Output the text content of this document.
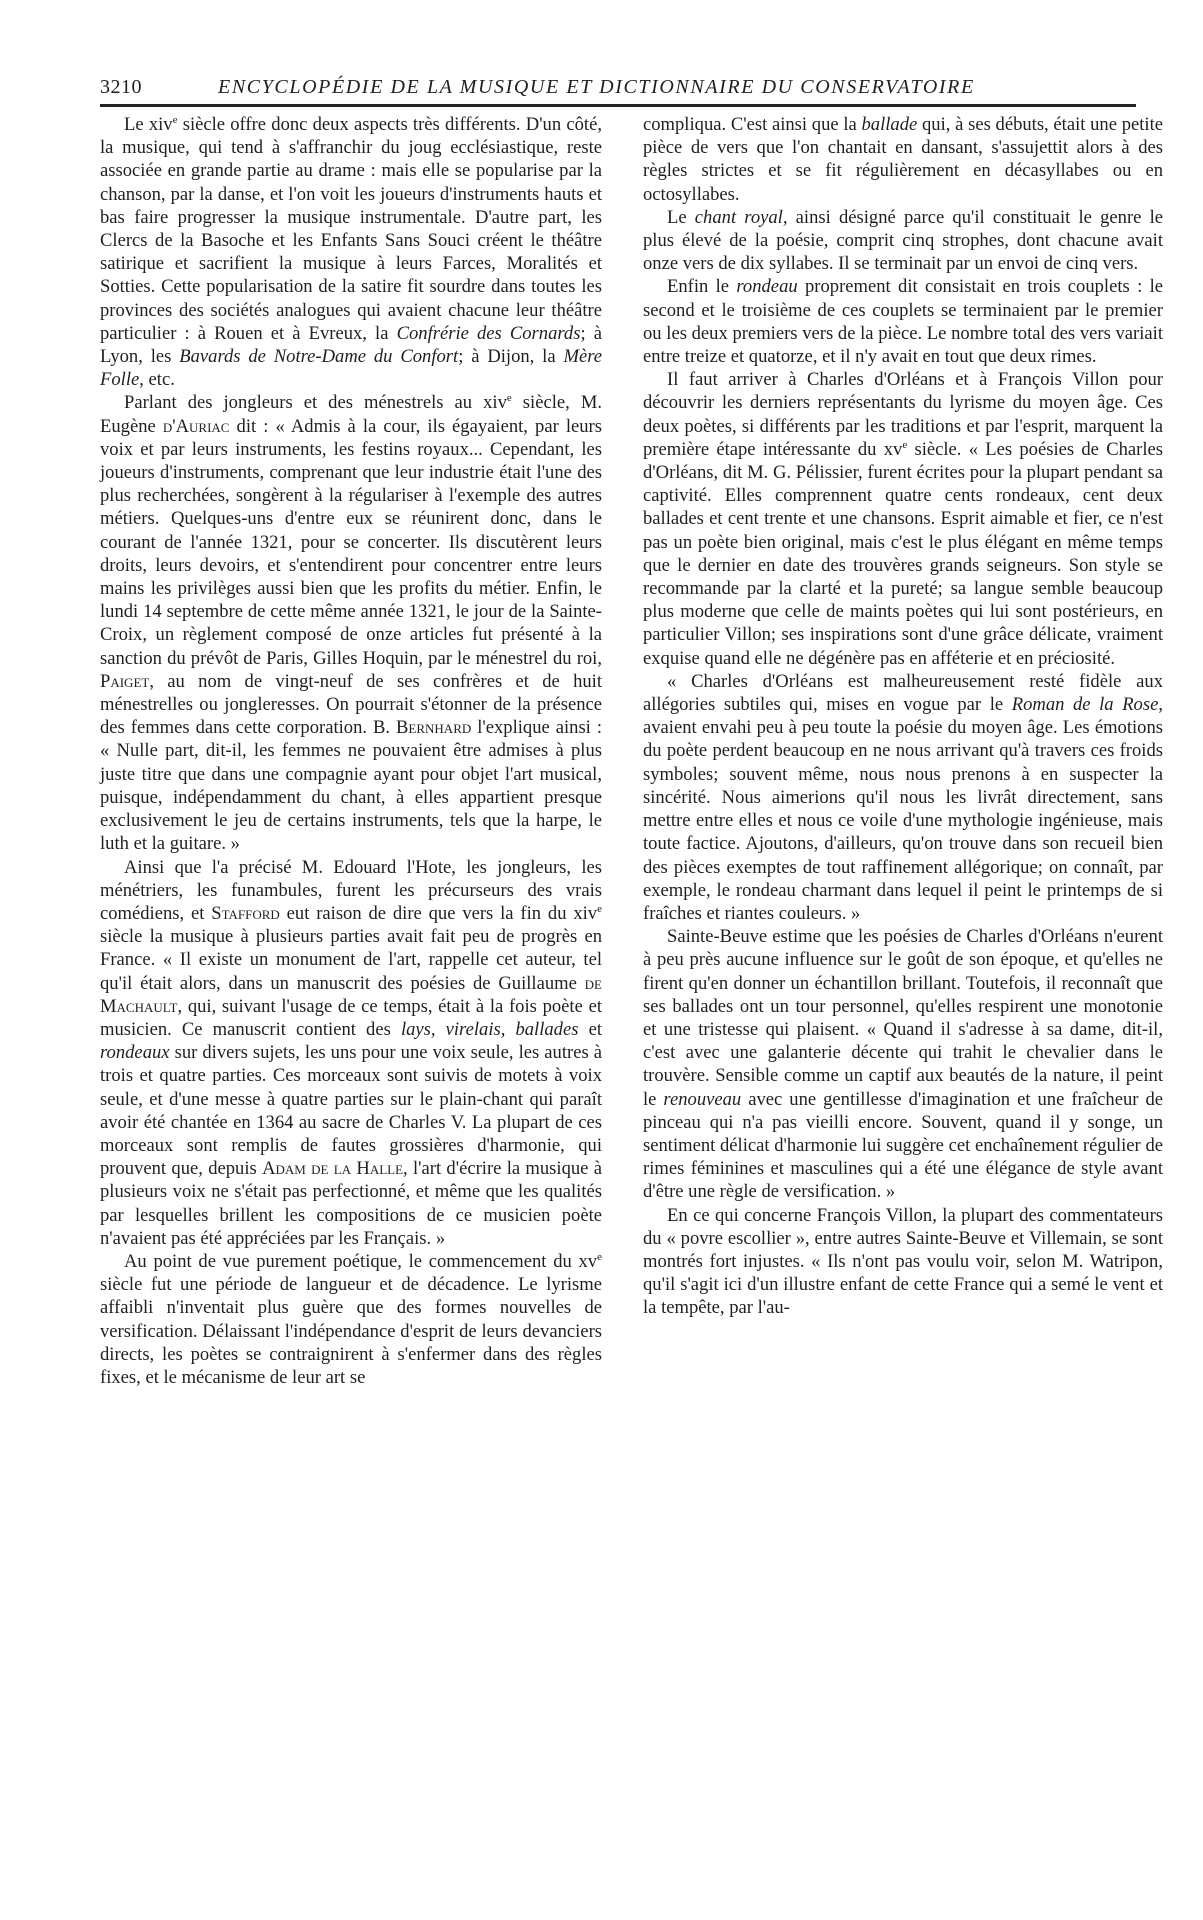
3210	ENCYCLOPÉDIE DE LA MUSIQUE ET DICTIONNAIRE DU CONSERVATOIRE

Le xiv$^e$ siècle offre donc deux aspects très différents. D'un côté, la musique, qui tend à s'affranchir du joug ecclésiastique, reste associée en grande partie au drame : mais elle se popularise par la chanson, par la danse, et l'on voit les joueurs d'instruments hauts et bas faire progresser la musique instrumentale. D'autre part, les Clercs de la Basoche et les Enfants Sans Souci créent le théâtre satirique et sacrifient la musique à leurs Farces, Moralités et Sotties. Cette popularisation de la satire fit sourdre dans toutes les provinces des sociétés analogues qui avaient chacune leur théâtre particulier : à Rouen et à Evreux, la Confrérie des Cornards; à Lyon, les Bavards de Notre-Dame du Confort; à Dijon, la Mère Folle, etc.

Parlant des jongleurs et des ménestrels au xiv$^e$ siècle, M. Eugène d'Auriac dit : « Admis à la cour, ils égayaient, par leurs voix et par leurs instruments, les festins royaux... Cependant, les joueurs d'instruments, comprenant que leur industrie était l'une des plus recherchées, songèrent à la régulariser à l'exemple des autres métiers. Quelques-uns d'entre eux se réunirent donc, dans le courant de l'année 1321, pour se concerter. Ils discutèrent leurs droits, leurs devoirs, et s'entendirent pour concentrer entre leurs mains les privilèges aussi bien que les profits du métier. Enfin, le lundi 14 septembre de cette même année 1321, le jour de la Sainte-Croix, un règlement composé de onze articles fut présenté à la sanction du prévôt de Paris, Gilles Hoquin, par le ménestrel du roi, Paiget, au nom de vingt-neuf de ses confrères et de huit ménestrelles ou jongleresses. On pourrait s'étonner de la présence des femmes dans cette corporation. B. Bernhard l'explique ainsi : « Nulle part, dit-il, les femmes ne pouvaient être admises à plus juste titre que dans une compagnie ayant pour objet l'art musical, puisque, indépendamment du chant, à elles appartient presque exclusivement le jeu de certains instruments, tels que la harpe, le luth et la guitare. »

Ainsi que l'a précisé M. Edouard l'Hote, les jongleurs, les ménétriers, les funambules, furent les précurseurs des vrais comédiens, et Stafford eut raison de dire que vers la fin du xiv$^e$ siècle la musique à plusieurs parties avait fait peu de progrès en France. « Il existe un monument de l'art, rappelle cet auteur, tel qu'il était alors, dans un manuscrit des poésies de Guillaume de Machault, qui, suivant l'usage de ce temps, était à la fois poète et musicien. Ce manuscrit contient des lays, virelais, ballades et rondeaux sur divers sujets, les uns pour une voix seule, les autres à trois et quatre parties. Ces morceaux sont suivis de motets à voix seule, et d'une messe à quatre parties sur le plain-chant qui paraît avoir été chantée en 1364 au sacre de Charles V. La plupart de ces morceaux sont remplis de fautes grossières d'harmonie, qui prouvent que, depuis Adam de la Halle, l'art d'écrire la musique à plusieurs voix ne s'était pas perfectionné, et même que les qualités par lesquelles brillent les compositions de ce musicien poète n'avaient pas été appréciées par les Français. »

Au point de vue purement poétique, le commencement du $xv^e$ siècle fut une période de langueur et de décadence. Le lyrisme affaibli n'inventait plus guère que des formes nouvelles de versification. Délaissant l'indépendance d'esprit de leurs devanciers directs, les poètes se contraignirent à s'enfermer dans des règles fixes, et le mécanisme de leur art se

compliqua. C'est ainsi que la ballade qui, à ses débuts, était une petite pièce de vers que l'on chantait en dansant, s'assujettit alors à des règles strictes et se fit régulièrement en décasyllabes ou en octosyllabes.

Le chant royal, ainsi désigné parce qu'il constituait le genre le plus élevé de la poésie, comprit cinq strophes, dont chacune avait onze vers de dix syllabes. Il se terminait par un envoi de cinq vers.

Enfin le rondeau proprement dit consistait en trois couplets : le second et le troisième de ces couplets se terminaient par le premier ou les deux premiers vers de la pièce. Le nombre total des vers variait entre treize et quatorze, et il n'y avait en tout que deux rimes.

Il faut arriver à Charles d'Orléans et à François Villon pour découvrir les derniers représentants du lyrisme du moyen âge. Ces deux poètes, si différents par les traditions et par l'esprit, marquent la première étape intéressante du $xv^e$ siècle. « Les poésies de Charles d'Orléans, dit M. G. Pélissier, furent écrites pour la plupart pendant sa captivité. Elles comprennent quatre cents rondeaux, cent deux ballades et cent trente et une chansons. Esprit aimable et fier, ce n'est pas un poète bien original, mais c'est le plus élégant en même temps que le dernier en date des trouvères grands seigneurs. Son style se recommande par la clarté et la pureté; sa langue semble beaucoup plus moderne que celle de maints poètes qui lui sont postérieurs, en particulier Villon; ses inspirations sont d'une grâce délicate, vraiment exquise quand elle ne dégénère pas en afféterie et en préciosité.

« Charles d'Orléans est malheureusement resté fidèle aux allégories subtiles qui, mises en vogue par le Roman de la Rose, avaient envahi peu à peu toute la poésie du moyen âge. Les émotions du poète perdent beaucoup en ne nous arrivant qu'à travers ces froids symboles; souvent même, nous nous prenons à en suspecter la sincérité. Nous aimerions qu'il nous les livrât directement, sans mettre entre elles et nous ce voile d'une mythologie ingénieuse, mais toute factice. Ajoutons, d'ailleurs, qu'on trouve dans son recueil bien des pièces exemptes de tout raffinement allégorique; on connaît, par exemple, le rondeau charmant dans lequel il peint le printemps de si fraîches et riantes couleurs. »

Sainte-Beuve estime que les poésies de Charles d'Orléans n'eurent à peu près aucune influence sur le goût de son époque, et qu'elles ne firent qu'en donner un échantillon brillant. Toutefois, il reconnaît que ses ballades ont un tour personnel, qu'elles respirent une monotonie et une tristesse qui plaisent. « Quand il s'adresse à sa dame, dit-il, c'est avec une galanterie décente qui trahit le chevalier dans le trouvère. Sensible comme un captif aux beautés de la nature, il peint le renouveau avec une gentillesse d'imagination et une fraîcheur de pinceau qui n'a pas vieilli encore. Souvent, quand il y songe, un sentiment délicat d'harmonie lui suggère cet enchaînement régulier de rimes féminines et masculines qui a été une élégance de style avant d'être une règle de versification. »

En ce qui concerne François Villon, la plupart des commentateurs du « povre escollier », entre autres Sainte-Beuve et Villemain, se sont montrés fort injustes. « Ils n'ont pas voulu voir, selon M. Watripon, qu'il s'agit ici d'un illustre enfant de cette France qui a semé le vent et la tempête, par l'au-
